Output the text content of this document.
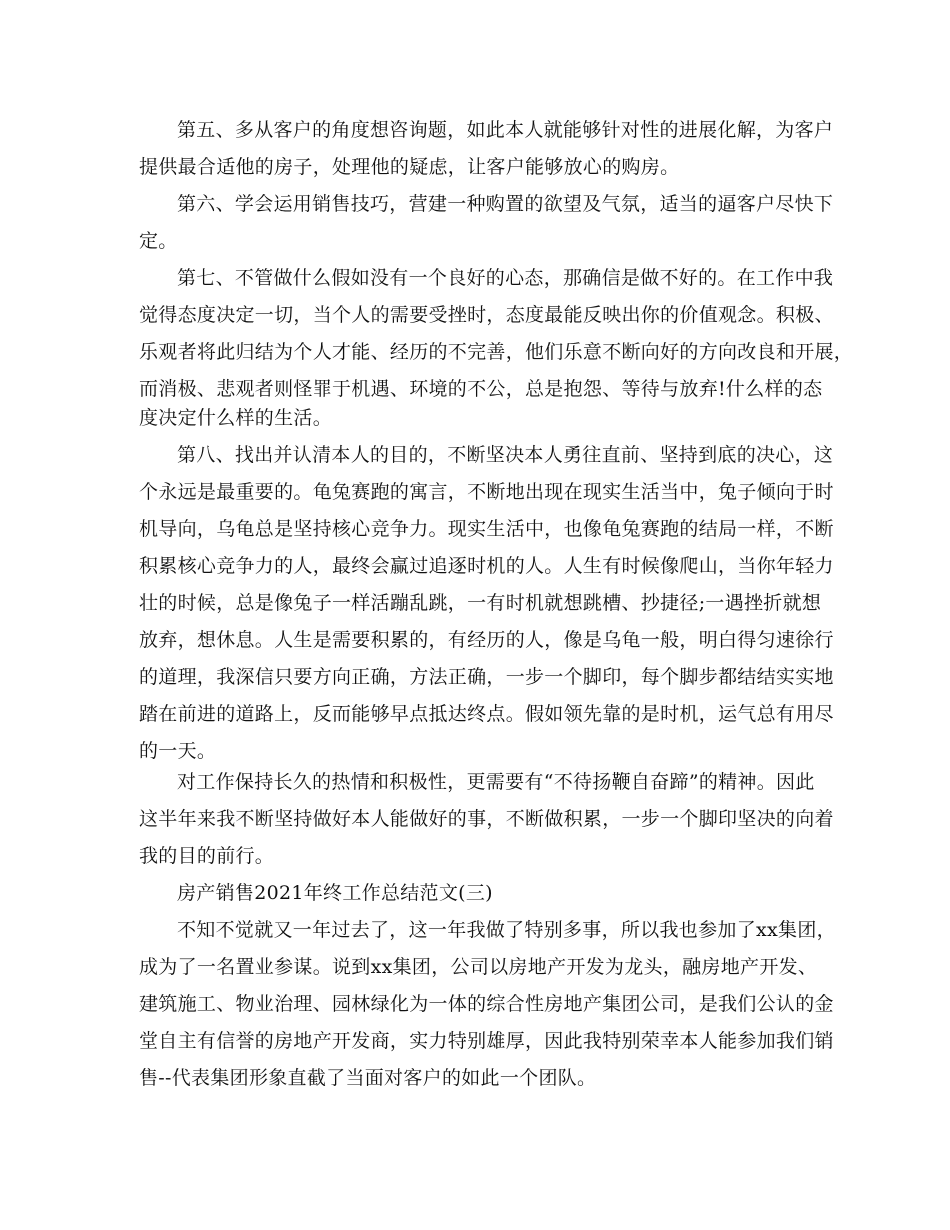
第五、多从客户的角度想咨询题，如此本人就能够针对性的进展化解，为客户
提供最合适他的房子，处理他的疑虑，让客户能够放心的购房。
第六、学会运用销售技巧，营建一种购置的欲望及气氛，适当的逼客户尽快下
定。
第七、不管做什么假如没有一个良好的心态，那确信是做不好的。在工作中我
觉得态度决定一切，当个人的需要受挫时，态度最能反映出你的价值观念。积极、
乐观者将此归结为个人才能、经历的不完善，他们乐意不断向好的方向改良和开展，
而消极、悲观者则怪罪于机遇、环境的不公，总是抱怨、等待与放弃!什么样的态
度决定什么样的生活。
第八、找出并认清本人的目的，不断坚决本人勇往直前、坚持到底的决心，这
个永远是最重要的。龟兔赛跑的寓言，不断地出现在现实生活当中，兔子倾向于时
机导向，乌龟总是坚持核心竞争力。现实生活中，也像龟兔赛跑的结局一样，不断
积累核心竞争力的人，最终会赢过追逐时机的人。人生有时候像爬山，当你年轻力
壮的时候，总是像兔子一样活蹦乱跳，一有时机就想跳槽、抄捷径;一遇挫折就想
放弃，想休息。人生是需要积累的，有经历的人，像是乌龟一般，明白得匀速徐行
的道理，我深信只要方向正确，方法正确，一步一个脚印，每个脚步都结结实实地
踏在前进的道路上，反而能够早点抵达终点。假如领先靠的是时机，运气总有用尽
的一天。
对工作保持长久的热情和积极性，更需要有“不待扬鞭自奋蹄”的精神。因此
这半年来我不断坚持做好本人能做好的事，不断做积累，一步一个脚印坚决的向着
我的目的前行。
房产销售2021年终工作总结范文(三)
不知不觉就又一年过去了，这一年我做了特别多事，所以我也参加了xx集团，
成为了一名置业参谋。说到xx集团，公司以房地产开发为龙头，融房地产开发、
建筑施工、物业治理、园林绿化为一体的综合性房地产集团公司，是我们公认的金
堂自主有信誉的房地产开发商，实力特别雄厚，因此我特别荣幸本人能参加我们销
售--代表集团形象直截了当面对客户的如此一个团队。
